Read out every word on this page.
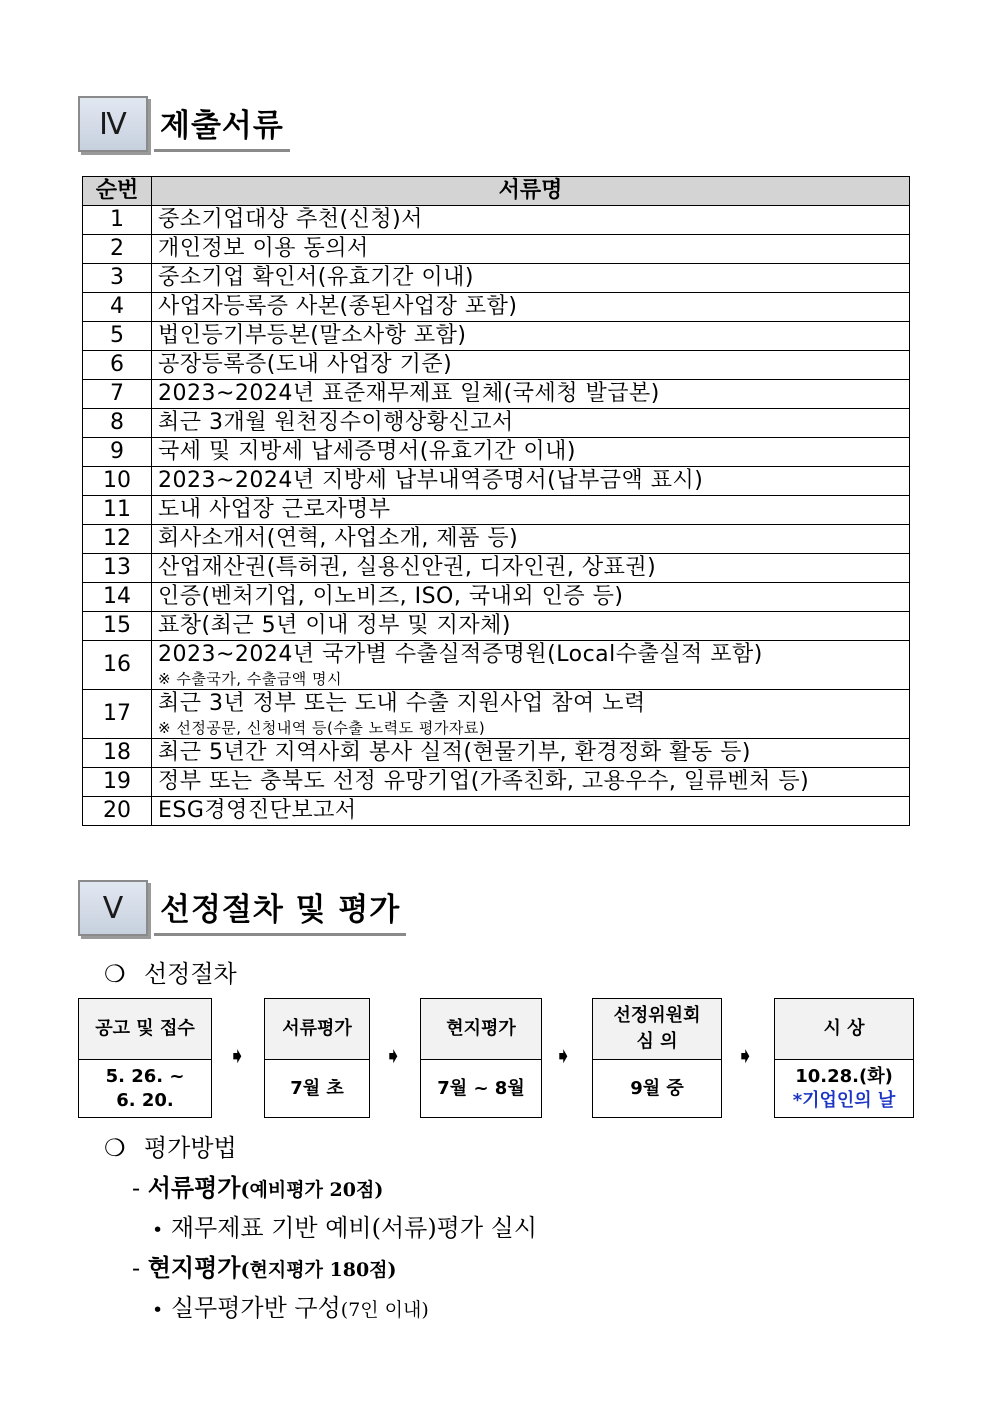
Ⅳ	제출서류
순번	서류명
1	중소기업대상 추천(신청)서
2	개인정보 이용 동의서
3	중소기업 확인서(유효기간 이내)
4	사업자등록증 사본(종된사업장 포함)
5	법인등기부등본(말소사항 포함)
6	공장등록증(도내 사업장 기준)
7	2023~2024년 표준재무제표 일체(국세청 발급본)
8	최근 3개월 원천징수이행상황신고서
9	국세 및 지방세 납세증명서(유효기간 이내)
10	2023~2024년 지방세 납부내역증명서(납부금액 표시)
11	도내 사업장 근로자명부
12	회사소개서(연혁, 사업소개, 제품 등)
13	산업재산권(특허권, 실용신안권, 디자인권, 상표권)
14	인증(벤처기업, 이노비즈, ISO, 국내외 인증 등)
15	표창(최근 5년 이내 정부 및 지자체)
16	2023~2024년 국가별 수출실적증명원(Local수출실적 포함)
※ 수출국가, 수출금액 명시

17	최근 3년 정부 또는 도내 수출 지원사업 참여 노력
※ 선정공문, 신청내역 등(수출 노력도 평가자료)

18	최근 5년간 지역사회 봉사 실적(현물기부, 환경정화 활동 등)
19	정부 또는 충북도 선정 유망기업(가족친화, 고용우수, 일류벤처 등)
20	ESG경영진단보고서
Ⅴ	선정절차 및 평가
❍ 선정절차
공고 및 접수
5. 26. ~
6. 20.
➧
서류평가
7월 초
➧
현지평가
7월 ~ 8월
➧
선정위원회
심 의
9월 중
➧
시 상
10.28.(화)
*기업인의 날
❍ 평가방법
- 서류평가(예비평가 20점)
• 재무제표 기반 예비(서류)평가 실시
- 현지평가(현지평가 180점)
• 실무평가반 구성(7인 이내)
